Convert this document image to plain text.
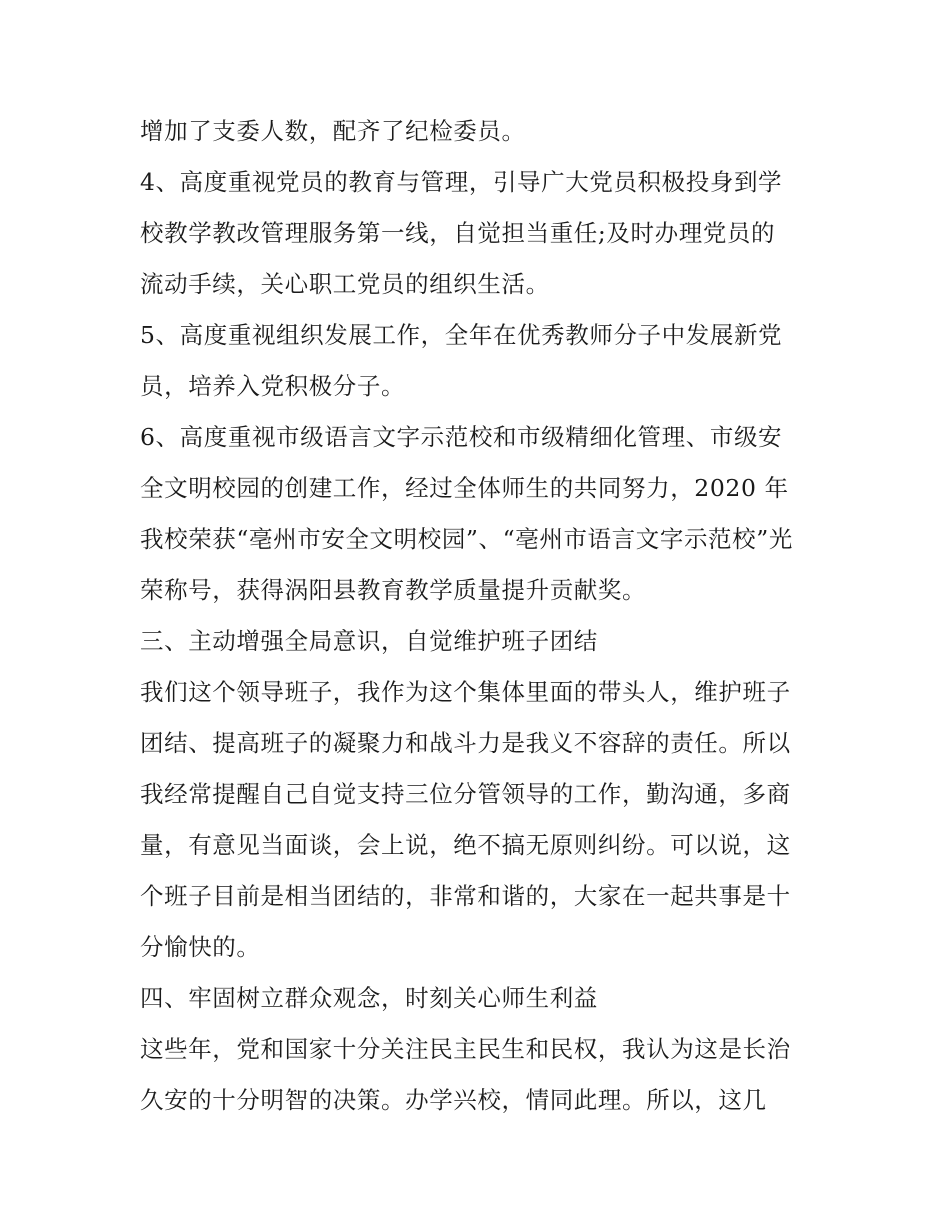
增加了支委人数，配齐了纪检委员。
4、高度重视党员的教育与管理，引导广大党员积极投身到学
校教学教改管理服务第一线，自觉担当重任;及时办理党员的
流动手续，关心职工党员的组织生活。
5、高度重视组织发展工作，全年在优秀教师分子中发展新党
员，培养入党积极分子。
6、高度重视市级语言文字示范校和市级精细化管理、市级安
全文明校园的创建工作，经过全体师生的共同努力，2020 年
我校荣获“亳州市安全文明校园”、“亳州市语言文字示范校”光
荣称号，获得涡阳县教育教学质量提升贡献奖。
三、主动增强全局意识，自觉维护班子团结
我们这个领导班子，我作为这个集体里面的带头人，维护班子
团结、提高班子的凝聚力和战斗力是我义不容辞的责任。所以
我经常提醒自己自觉支持三位分管领导的工作，勤沟通，多商
量，有意见当面谈，会上说，绝不搞无原则纠纷。可以说，这
个班子目前是相当团结的，非常和谐的，大家在一起共事是十
分愉快的。
四、牢固树立群众观念，时刻关心师生利益
这些年，党和国家十分关注民主民生和民权，我认为这是长治
久安的十分明智的决策。办学兴校，情同此理。所以，这几
